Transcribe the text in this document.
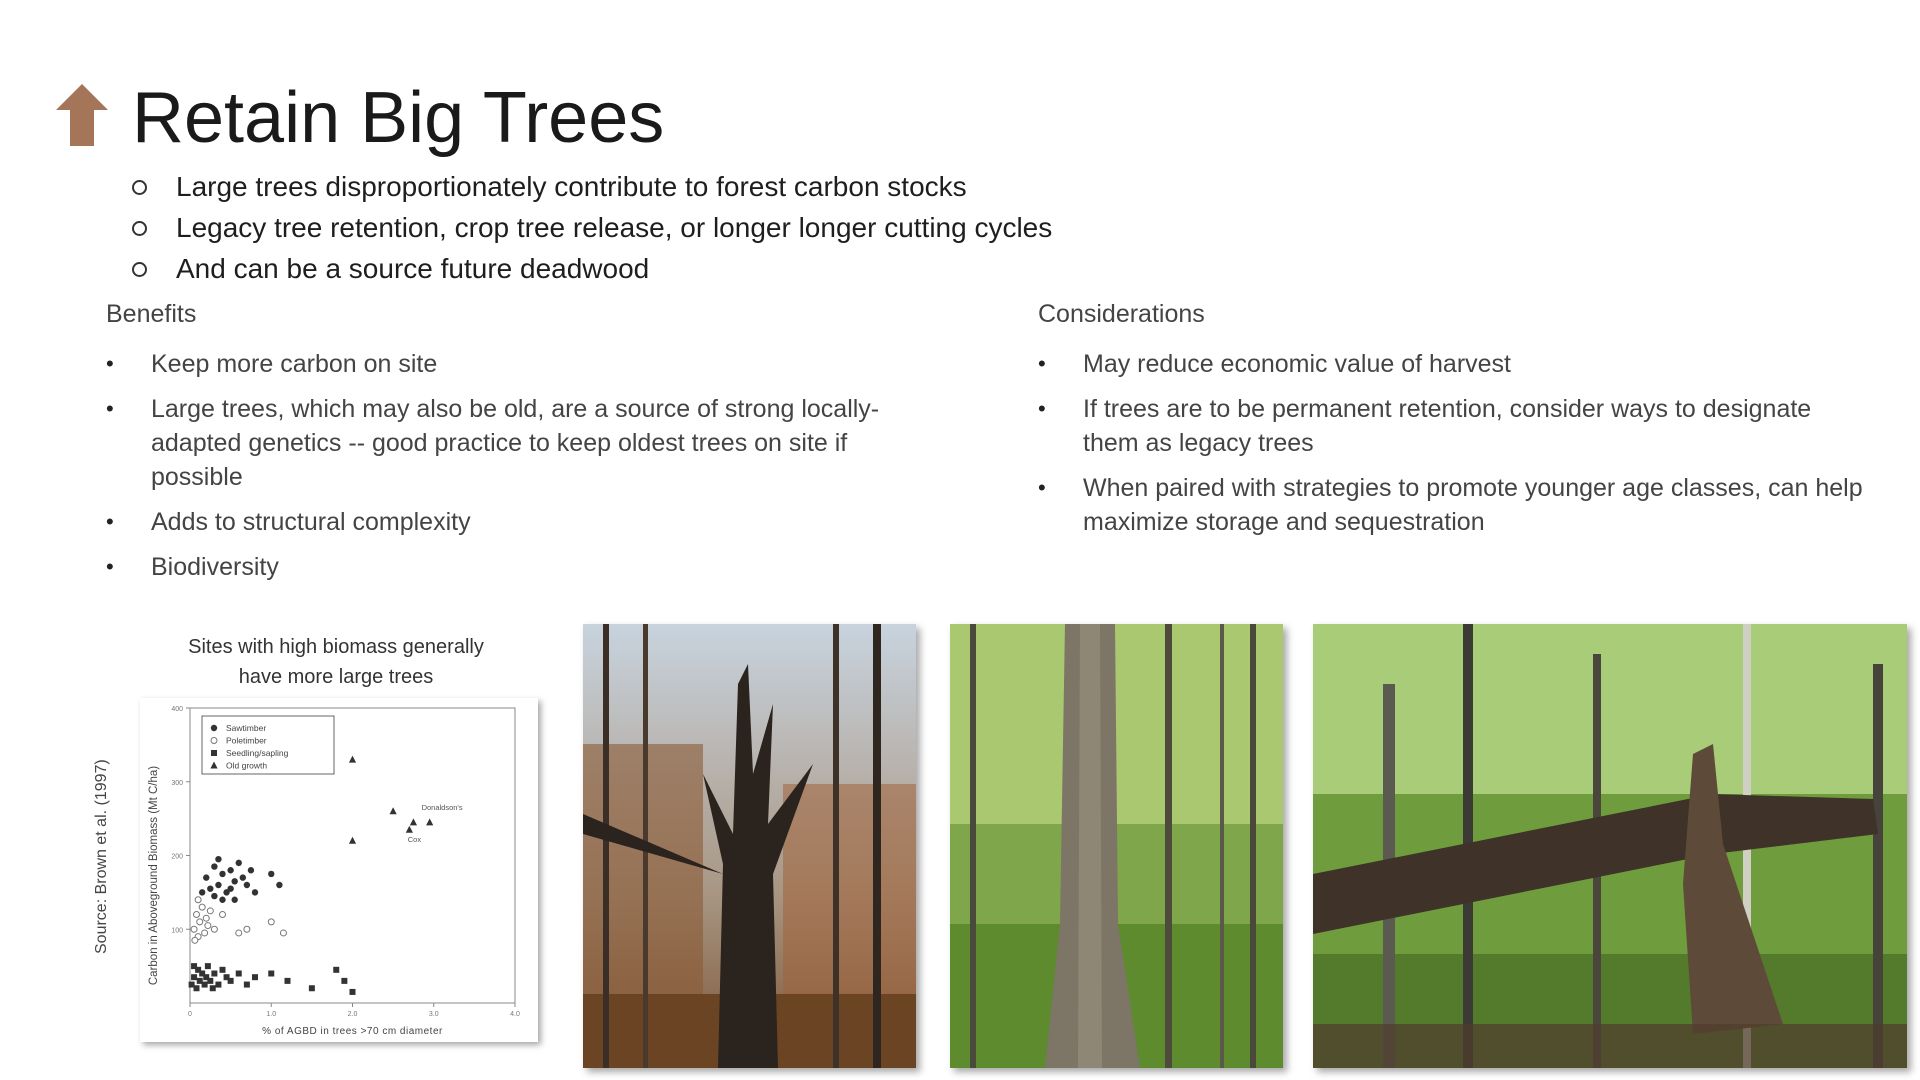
Retain Big Trees
Large trees disproportionately contribute to forest carbon stocks
Legacy tree retention, crop tree release, or longer longer cutting cycles
And can be a source future deadwood
Benefits
• Keep more carbon on site
• Large trees, which may also be old, are a source of strong locally-adapted genetics -- good practice to keep oldest trees on site if possible
• Adds to structural complexity
• Biodiversity
Considerations
• May reduce economic value of harvest
• If trees are to be permanent retention, consider ways to designate them as legacy trees
• When paired with strategies to promote younger age classes, can help maximize storage and sequestration
Sites with high biomass generally
have more large trees
Source: Brown et al. (1997)	100
200
300
400
0	1.0	2.0	3.0	4.0
% of AGBD in trees >70 cm diameter
Carbon in Aboveground Biomass (Mt C/ha)	Donaldson's
Cox
Sawtimber
Poletimber
Seedling/sapling
Old growth
